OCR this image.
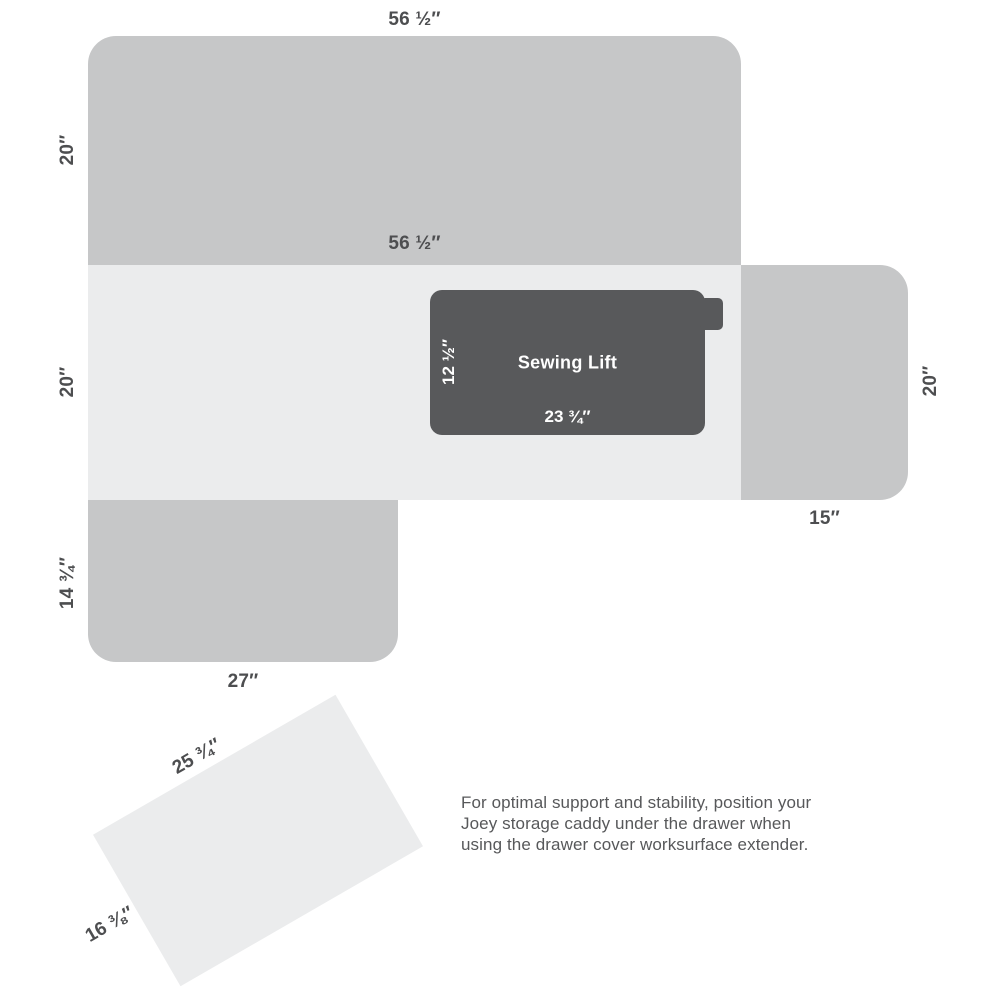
Sewing Lift
12 ½″
23 ¾″
56 ½″
20″
56 ½″
20″	20″
15″
14 ¾″
27″
25 ¾″
16 ⅜″
For optimal support and stability, position your
Joey storage caddy under the drawer when
using the drawer cover worksurface extender.
